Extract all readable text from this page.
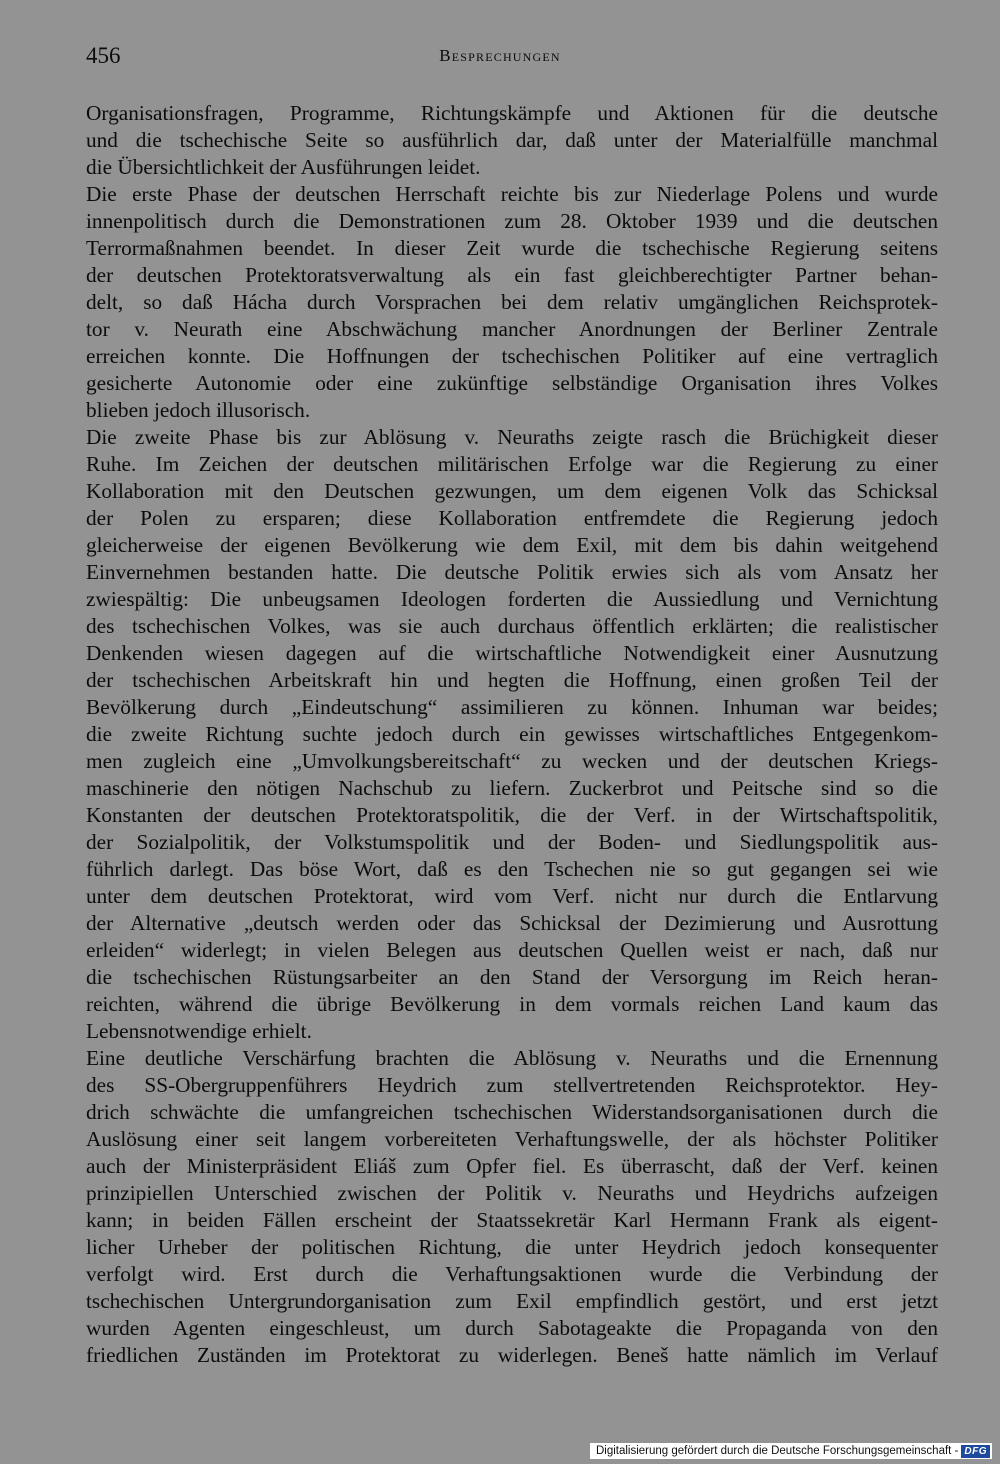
456	Besprechungen
Organisationsfragen, Programme, Richtungskämpfe und Aktionen für die deutsche
und die tschechische Seite so ausführlich dar, daß unter der Materialfülle manchmal
die Übersichtlichkeit der Ausführungen leidet.
Die erste Phase der deutschen Herrschaft reichte bis zur Niederlage Polens und wurde
innenpolitisch durch die Demonstrationen zum 28. Oktober 1939 und die deutschen
Terrormaßnahmen beendet. In dieser Zeit wurde die tschechische Regierung seitens
der deutschen Protektoratsverwaltung als ein fast gleichberechtigter Partner behan-
delt, so daß Hácha durch Vorsprachen bei dem relativ umgänglichen Reichsprotek-
tor v. Neurath eine Abschwächung mancher Anordnungen der Berliner Zentrale
erreichen konnte. Die Hoffnungen der tschechischen Politiker auf eine vertraglich
gesicherte Autonomie oder eine zukünftige selbständige Organisation ihres Volkes
blieben jedoch illusorisch.
Die zweite Phase bis zur Ablösung v. Neuraths zeigte rasch die Brüchigkeit dieser
Ruhe. Im Zeichen der deutschen militärischen Erfolge war die Regierung zu einer
Kollaboration mit den Deutschen gezwungen, um dem eigenen Volk das Schicksal
der Polen zu ersparen; diese Kollaboration entfremdete die Regierung jedoch
gleicherweise der eigenen Bevölkerung wie dem Exil, mit dem bis dahin weitgehend
Einvernehmen bestanden hatte. Die deutsche Politik erwies sich als vom Ansatz her
zwiespältig: Die unbeugsamen Ideologen forderten die Aussiedlung und Vernichtung
des tschechischen Volkes, was sie auch durchaus öffentlich erklärten; die realistischer
Denkenden wiesen dagegen auf die wirtschaftliche Notwendigkeit einer Ausnutzung
der tschechischen Arbeitskraft hin und hegten die Hoffnung, einen großen Teil der
Bevölkerung durch „Eindeutschung“ assimilieren zu können. Inhuman war beides;
die zweite Richtung suchte jedoch durch ein gewisses wirtschaftliches Entgegenkom-
men zugleich eine „Umvolkungsbereitschaft“ zu wecken und der deutschen Kriegs-
maschinerie den nötigen Nachschub zu liefern. Zuckerbrot und Peitsche sind so die
Konstanten der deutschen Protektoratspolitik, die der Verf. in der Wirtschaftspolitik,
der Sozialpolitik, der Volkstumspolitik und der Boden- und Siedlungspolitik aus-
führlich darlegt. Das böse Wort, daß es den Tschechen nie so gut gegangen sei wie
unter dem deutschen Protektorat, wird vom Verf. nicht nur durch die Entlarvung
der Alternative „deutsch werden oder das Schicksal der Dezimierung und Ausrottung
erleiden“ widerlegt; in vielen Belegen aus deutschen Quellen weist er nach, daß nur
die tschechischen Rüstungsarbeiter an den Stand der Versorgung im Reich heran-
reichten, während die übrige Bevölkerung in dem vormals reichen Land kaum das
Lebensnotwendige erhielt.
Eine deutliche Verschärfung brachten die Ablösung v. Neuraths und die Ernennung
des SS-Obergruppenführers Heydrich zum stellvertretenden Reichsprotektor. Hey-
drich schwächte die umfangreichen tschechischen Widerstandsorganisationen durch die
Auslösung einer seit langem vorbereiteten Verhaftungswelle, der als höchster Politiker
auch der Ministerpräsident Eliáš zum Opfer fiel. Es überrascht, daß der Verf. keinen
prinzipiellen Unterschied zwischen der Politik v. Neuraths und Heydrichs aufzeigen
kann; in beiden Fällen erscheint der Staatssekretär Karl Hermann Frank als eigent-
licher Urheber der politischen Richtung, die unter Heydrich jedoch konsequenter
verfolgt wird. Erst durch die Verhaftungsaktionen wurde die Verbindung der
tschechischen Untergrundorganisation zum Exil empfindlich gestört, und erst jetzt
wurden Agenten eingeschleust, um durch Sabotageakte die Propaganda von den
friedlichen Zuständen im Protektorat zu widerlegen. Beneš hatte nämlich im Verlauf
Digitalisierung gefördert durch die Deutsche Forschungsgemeinschaft - DFG
